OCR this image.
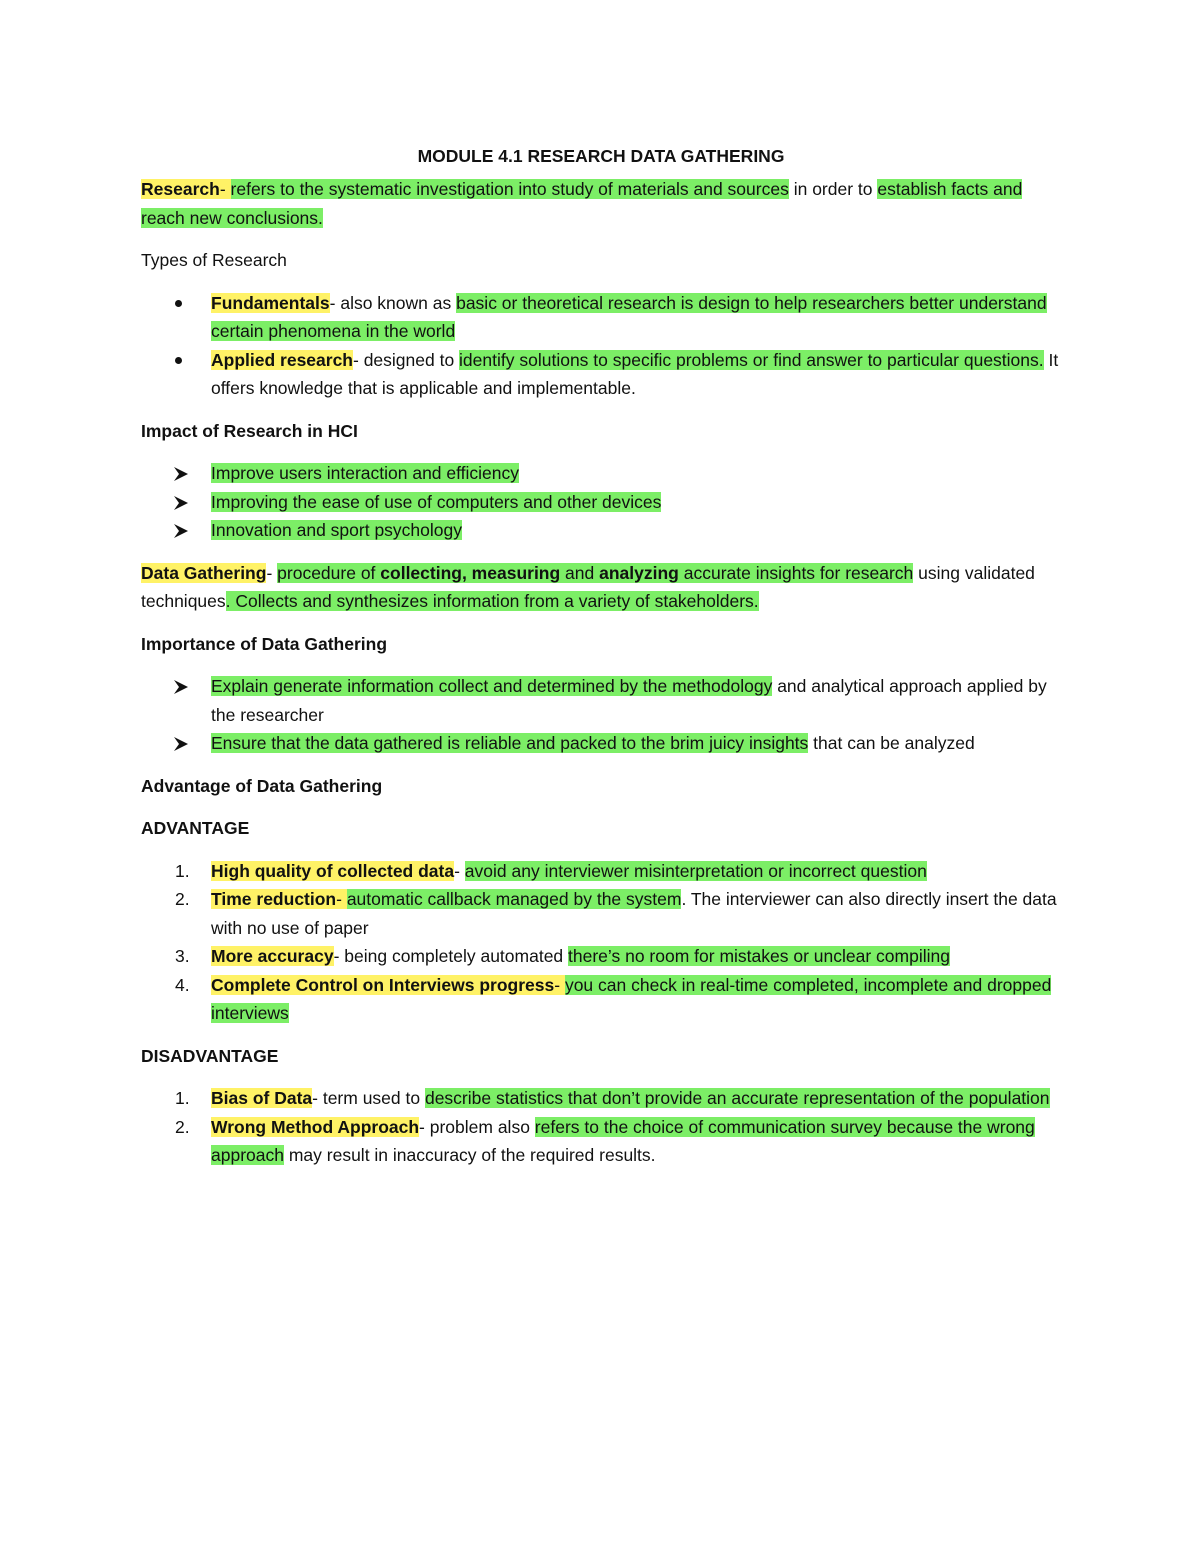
MODULE 4.1 RESEARCH DATA GATHERING

Research- refers to the systematic investigation into study of materials and sources in order to establish facts and reach new conclusions.

Types of Research

Fundamentals- also known as basic or theoretical research is design to help researchers better understand certain phenomena in the world
Applied research- designed to identify solutions to specific problems or find answer to particular questions. It offers knowledge that is applicable and implementable.

Impact of Research in HCI

Improve users interaction and efficiency
Improving the ease of use of computers and other devices
Innovation and sport psychology

Data Gathering- procedure of collecting, measuring and analyzing accurate insights for research using validated techniques. Collects and synthesizes information from a variety of stakeholders.

Importance of Data Gathering

Explain generate information collect and determined by the methodology and analytical approach applied by the researcher
Ensure that the data gathered is reliable and packed to the brim juicy insights that can be analyzed

Advantage of Data Gathering

ADVANTAGE

1.	High quality of collected data- avoid any interviewer misinterpretation or incorrect question
2.	Time reduction- automatic callback managed by the system. The interviewer can also directly insert the data with no use of paper
3.	More accuracy- being completely automated there’s no room for mistakes or unclear compiling
4.	Complete Control on Interviews progress- you can check in real-time completed, incomplete and dropped interviews

DISADVANTAGE

1.	Bias of Data- term used to describe statistics that don’t provide an accurate representation of the population
2.	Wrong Method Approach- problem also refers to the choice of communication survey because the wrong approach may result in inaccuracy of the required results.
